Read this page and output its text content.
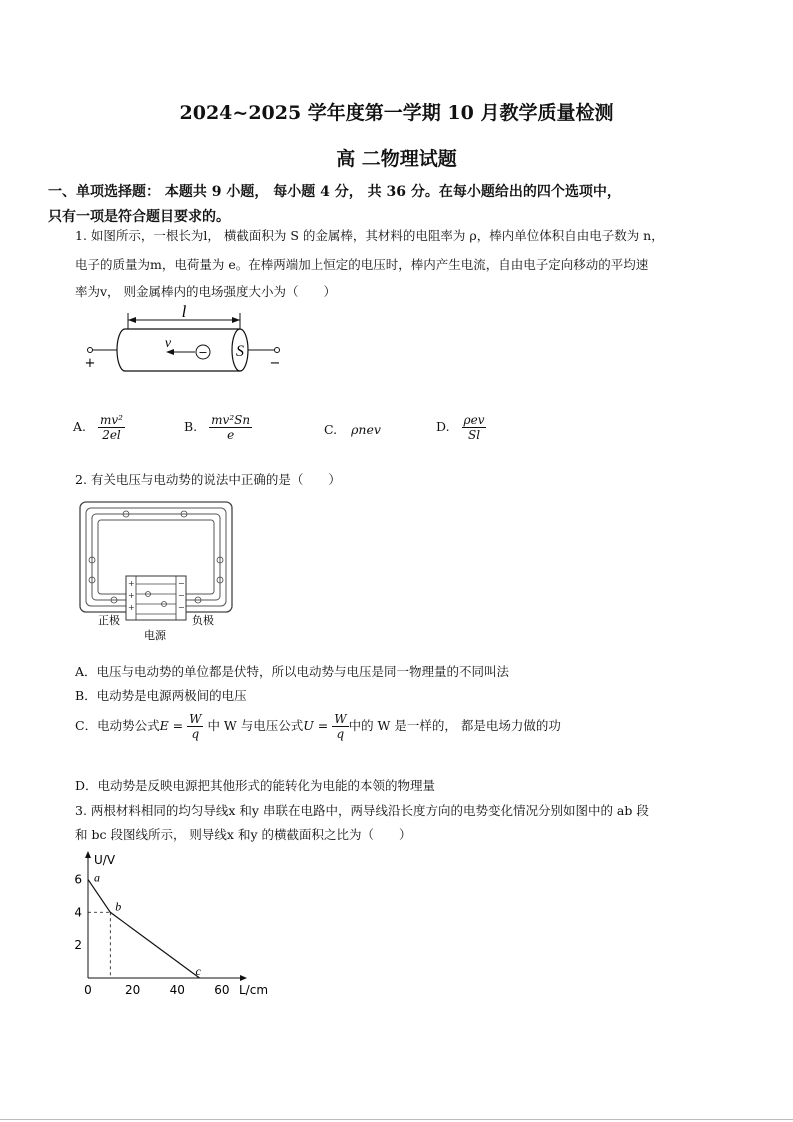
2024~2025 学年度第一学期 10 月教学质量检测
高 二物理试题
一、单项选择题： 本题共 9 小题， 每小题 4 分， 共 36 分。在每小题给出的四个选项中，
只有一项是符合题目要求的。
1. 如图所示，一根长为l， 横截面积为 S 的金属棒，其材料的电阻率为 ρ，棒内单位体积自由电子数为 n，
电子的质量为m，电荷量为 e。在棒两端加上恒定的电压时，棒内产生电流，自由电子定向移动的平均速
率为v， 则金属棒内的电场强度大小为（　　）
l
S
+	−
v
−
A. $\frac{\text{mv²}}{2el}$	B. $\frac{\text{mv²Sn}}{e}$	C. ρnev	D. $\frac{\text{ρev}}{Sl}$
2. 有关电压与电动势的说法中正确的是（　　）
+
+
+
−
−
−
正极	负极
电源
A．电压与电动势的单位都是伏特，所以电动势与电压是同一物理量的不同叫法
B．电动势是电源两极间的电压
C．电动势公式$E = \frac{W}{q}$ 中 W 与电压公式$U = \frac{W}{q}$ 中的 W 是一样的， 都是电场力做的功
D．电动势是反映电源把其他形式的能转化为电能的本领的物理量
3. 两根材料相同的均匀导线x 和y 串联在电路中，两导线沿长度方向的电势变化情况分别如图中的 ab 段
和 bc 段图线所示， 则导线x 和y 的横截面积之比为（　　）
U/V
L/cm
0	20 40 60
2
4
6 a
b
c
